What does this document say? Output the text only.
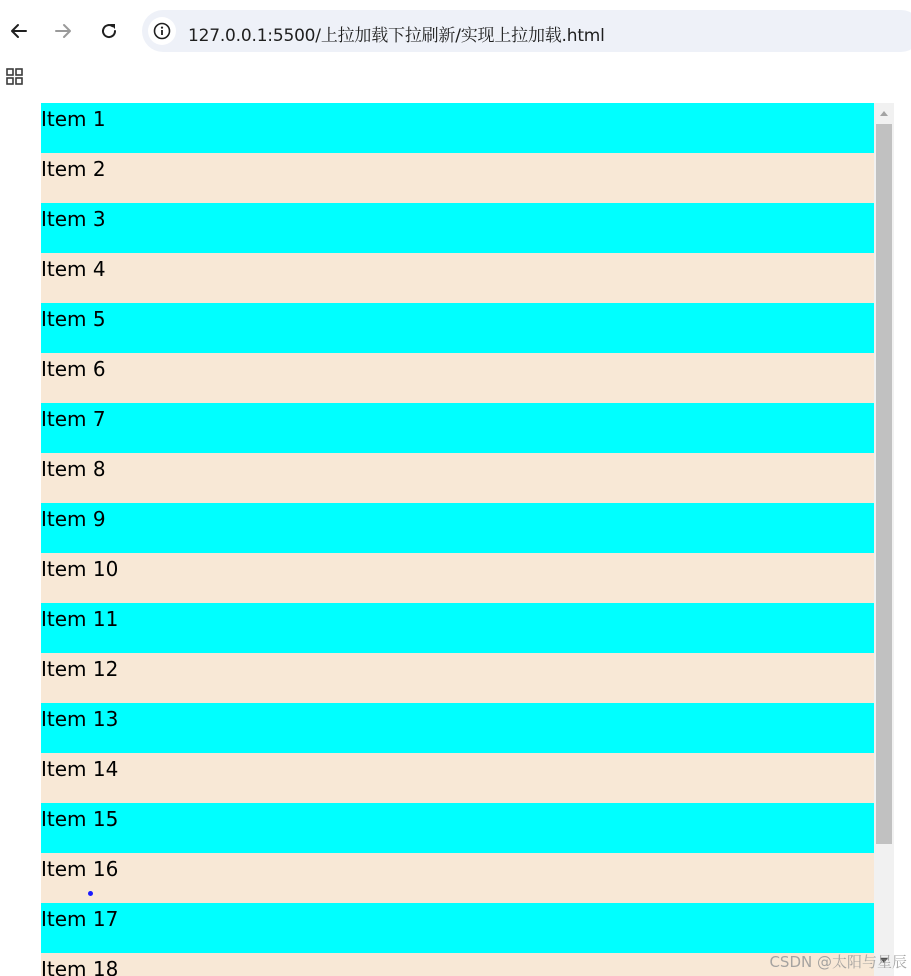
127.0.0.1:5500/上拉加载下拉刷新/实现上拉加载.html
Item 1
Item 2
Item 3
Item 4
Item 5
Item 6
Item 7
Item 8
Item 9
Item 10
Item 11
Item 12
Item 13
Item 14
Item 15
Item 16
Item 17
Item 18	CSDN @太阳与星辰
